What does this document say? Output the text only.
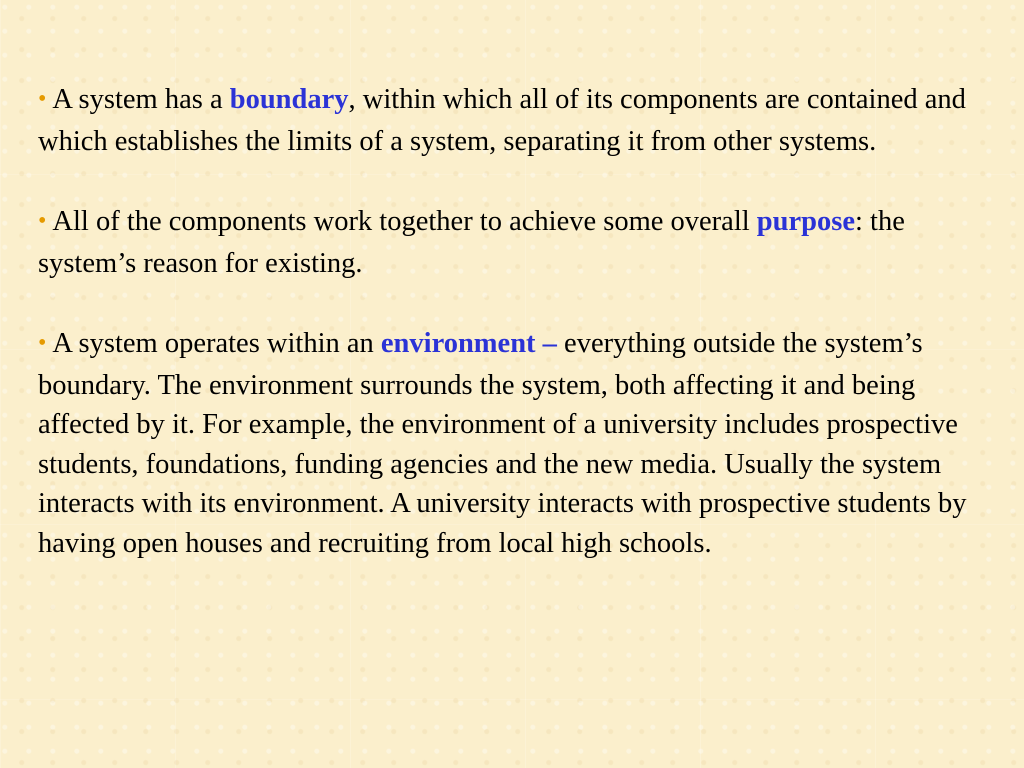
• A system has a boundary, within which all of its components are contained and which establishes the limits of a system, separating it from other systems.

• All of the components work together to achieve some overall purpose: the system’s reason for existing.

• A system operates within an environment – everything outside the system’s boundary. The environment surrounds the system, both affecting it and being affected by it. For example, the environment of a university includes prospective students, foundations, funding agencies and the new media. Usually the system interacts with its environment. A university interacts with prospective students by having open houses and recruiting from local high schools.
